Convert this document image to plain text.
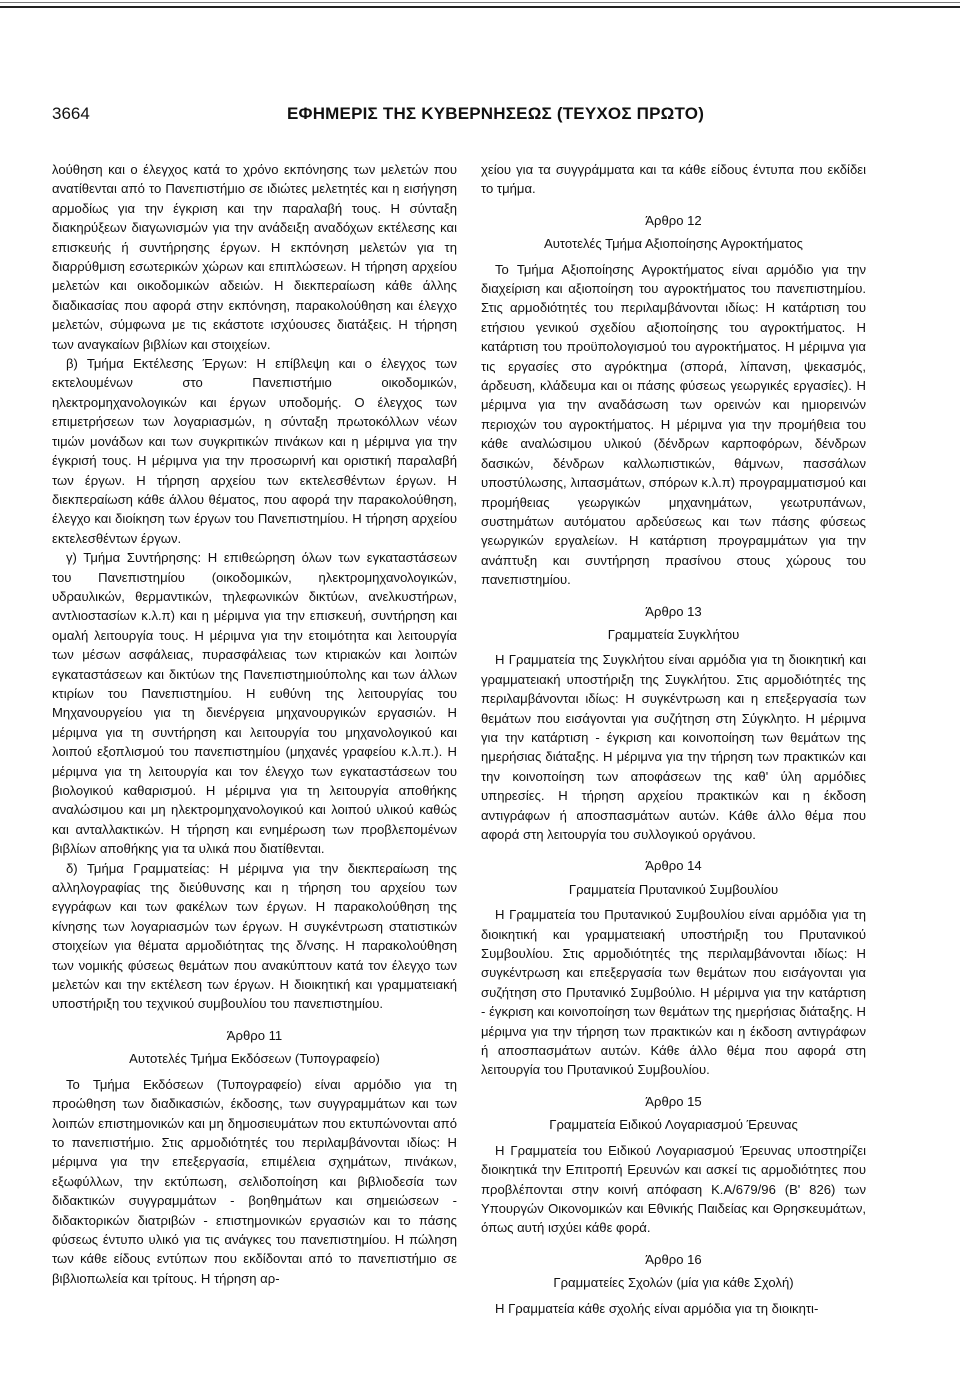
3664	ΕΦΗΜΕΡΙΣ ΤΗΣ ΚΥΒΕΡΝΗΣΕΩΣ (ΤΕΥΧΟΣ ΠΡΩΤΟ)

λούθηση και ο έλεγχος κατά το χρόνο εκπόνησης των μελετών που ανατίθενται από το Πανεπιστήμιο σε ιδιώτες μελετητές και η εισήγηση αρμοδίως για την έγκριση και την παραλαβή τους. Η σύνταξη διακηρύξεων διαγωνισμών για την ανάδειξη αναδόχων εκτέλεσης και επισκευής ή συντήρησης έργων. Η εκπόνηση μελετών για τη διαρρύθμιση εσωτερικών χώρων και επιπλώσεων. Η τήρηση αρχείου μελετών και οικοδομικών αδειών. Η διεκπεραίωση κάθε άλλης διαδικασίας που αφορά στην εκπόνηση, παρακολούθηση και έλεγχο μελετών, σύμφωνα με τις εκάστοτε ισχύουσες διατάξεις. Η τήρηση των αναγκαίων βιβλίων και στοιχείων.

β) Τμήμα Εκτέλεσης Έργων: Η επίβλεψη και ο έλεγχος των εκτελουμένων στο Πανεπιστήμιο οικοδομικών, ηλεκτρομηχανολογικών και έργων υποδομής. Ο έλεγχος των επιμετρήσεων των λογαριασμών, η σύνταξη πρωτοκόλλων νέων τιμών μονάδων και των συγκριτικών πινάκων και η μέριμνα για την έγκρισή τους. Η μέριμνα για την προσωρινή και οριστική παραλαβή των έργων. Η τήρηση αρχείου των εκτελεσθέντων έργων. Η διεκπεραίωση κάθε άλλου θέματος, που αφορά την παρακολούθηση, έλεγχο και διοίκηση των έργων του Πανεπιστημίου. Η τήρηση αρχείου εκτελεσθέντων έργων.

γ) Τμήμα Συντήρησης: Η επιθεώρηση όλων των εγκαταστάσεων του Πανεπιστημίου (οικοδομικών, ηλεκτρομηχανολογικών, υδραυλικών, θερμαντικών, τηλεφωνικών δικτύων, ανελκυστήρων, αντλιοστασίων κ.λ.π) και η μέριμνα για την επισκευή, συντήρηση και ομαλή λειτουργία τους. Η μέριμνα για την ετοιμότητα και λειτουργία των μέσων ασφάλειας, πυρασφάλειας των κτιριακών και λοιπών εγκαταστάσεων και δικτύων της Πανεπιστημιούπολης και των άλλων κτιρίων του Πανεπιστημίου. Η ευθύνη της λειτουργίας του Μηχανουργείου για τη διενέργεια μηχανουργικών εργασιών. Η μέριμνα για τη συντήρηση και λειτουργία του μηχανολογικού και λοιπού εξοπλισμού του πανεπιστημίου (μηχανές γραφείου κ.λ.π.). Η μέριμνα για τη λειτουργία και τον έλεγχο των εγκαταστάσεων του βιολογικού καθαρισμού. Η μέριμνα για τη λειτουργία αποθήκης αναλώσιμου και μη ηλεκτρομηχανολογικού και λοιπού υλικού καθώς και ανταλλακτικών. Η τήρηση και ενημέρωση των προβλεπομένων βιβλίων αποθήκης για τα υλικά που διατίθενται.

δ) Τμήμα Γραμματείας: Η μέριμνα για την διεκπεραίωση της αλληλογραφίας της διεύθυνσης και η τήρηση του αρχείου των εγγράφων και των φακέλων των έργων. Η παρακολούθηση της κίνησης των λογαριασμών των έργων. Η συγκέντρωση στατιστικών στοιχείων για θέματα αρμοδιότητας της δ/νσης. Η παρακολούθηση των νομικής φύσεως θεμάτων που ανακύπτουν κατά τον έλεγχο των μελετών και την εκτέλεση των έργων. Η διοικητική και γραμματειακή υποστήριξη του τεχνικού συμβουλίου του πανεπιστημίου.

Άρθρο 11
Αυτοτελές Τμήμα Εκδόσεων (Τυπογραφείο)

Το Τμήμα Εκδόσεων (Τυπογραφείο) είναι αρμόδιο για τη προώθηση των διαδικασιών, έκδοσης, των συγγραμμάτων και των λοιπών επιστημονικών και μη δημοσιευμάτων που εκτυπώνονται από το πανεπιστήμιο. Στις αρμοδιότητές του περιλαμβάνονται ιδίως: Η μέριμνα για την επεξεργασία, επιμέλεια σχημάτων, πινάκων, εξωφύλλων, την εκτύπωση, σελιδοποίηση και βιβλιοδεσία των διδακτικών συγγραμμάτων - βοηθημάτων και σημειώσεων - διδακτορικών διατριβών - επιστημονικών εργασιών και το πάσης φύσεως έντυπο υλικό για τις ανάγκες του πανεπιστημίου. Η πώληση των κάθε είδους εντύπων που εκδίδονται από το πανεπιστήμιο σε βιβλιοπωλεία και τρίτους. Η τήρηση αρ-

χείου για τα συγγράμματα και τα κάθε είδους έντυπα που εκδίδει το τμήμα.

Άρθρο 12
Αυτοτελές Τμήμα Αξιοποίησης Αγροκτήματος

Το Τμήμα Αξιοποίησης Αγροκτήματος είναι αρμόδιο για την διαχείριση και αξιοποίηση του αγροκτήματος του πανεπιστημίου. Στις αρμοδιότητές του περιλαμβάνονται ιδίως: Η κατάρτιση του ετήσιου γενικού σχεδίου αξιοποίησης του αγροκτήματος. Η κατάρτιση του προϋπολογισμού του αγροκτήματος. Η μέριμνα για τις εργασίες στο αγρόκτημα (σπορά, λίπανση, ψεκασμός, άρδευση, κλάδευμα και οι πάσης φύσεως γεωργικές εργασίες). Η μέριμνα για την αναδάσωση των ορεινών και ημιορεινών περιοχών του αγροκτήματος. Η μέριμνα για την προμήθεια του κάθε αναλώσιμου υλικού (δένδρων καρποφόρων, δένδρων δασικών, δένδρων καλλωπιστικών, θάμνων, πασσάλων υποστύλωσης, λιπασμάτων, σπόρων κ.λ.π) προγραμματισμού και προμήθειας γεωργικών μηχανημάτων, γεωτρυπάνων, συστημάτων αυτόματου αρδεύσεως και των πάσης φύσεως γεωργικών εργαλείων. Η κατάρτιση προγραμμάτων για την ανάπτυξη και συντήρηση πρασίνου στους χώρους του πανεπιστημίου.

Άρθρο 13
Γραμματεία Συγκλήτου

Η Γραμματεία της Συγκλήτου είναι αρμόδια για τη διοικητική και γραμματειακή υποστήριξη της Συγκλήτου. Στις αρμοδιότητές της περιλαμβάνονται ιδίως: Η συγκέντρωση και η επεξεργασία των θεμάτων που εισάγονται για συζήτηση στη Σύγκλητο. Η μέριμνα για την κατάρτιση - έγκριση και κοινοποίηση των θεμάτων της ημερήσιας διάταξης. Η μέριμνα για την τήρηση των πρακτικών και την κοινοποίηση των αποφάσεων της καθ' ύλη αρμόδιες υπηρεσίες. Η τήρηση αρχείου πρακτικών και η έκδοση αντιγράφων ή αποσπασμάτων αυτών. Κάθε άλλο θέμα που αφορά στη λειτουργία του συλλογικού οργάνου.

Άρθρο 14
Γραμματεία Πρυτανικού Συμβουλίου

Η Γραμματεία του Πρυτανικού Συμβουλίου είναι αρμόδια για τη διοικητική και γραμματειακή υποστήριξη του Πρυτανικού Συμβουλίου. Στις αρμοδιότητές της περιλαμβάνονται ιδίως: Η συγκέντρωση και επεξεργασία των θεμάτων που εισάγονται για συζήτηση στο Πρυτανικό Συμβούλιο. Η μέριμνα για την κατάρτιση - έγκριση και κοινοποίηση των θεμάτων της ημερήσιας διάταξης. Η μέριμνα για την τήρηση των πρακτικών και η έκδοση αντιγράφων ή αποσπασμάτων αυτών. Κάθε άλλο θέμα που αφορά στη λειτουργία του Πρυτανικού Συμβουλίου.

Άρθρο 15
Γραμματεία Ειδικού Λογαριασμού Έρευνας

Η Γραμματεία του Ειδικού Λογαριασμού Έρευνας υποστηρίζει διοικητικά την Επιτροπή Ερευνών και ασκεί τις αρμοδιότητες που προβλέπονται στην κοινή απόφαση Κ.Α/679/96 (Β' 826) των Υπουργών Οικονομικών και Εθνικής Παιδείας και Θρησκευμάτων, όπως αυτή ισχύει κάθε φορά.

Άρθρο 16
Γραμματείες Σχολών (μία για κάθε Σχολή)

Η Γραμματεία κάθε σχολής είναι αρμόδια για τη διοικητι-
